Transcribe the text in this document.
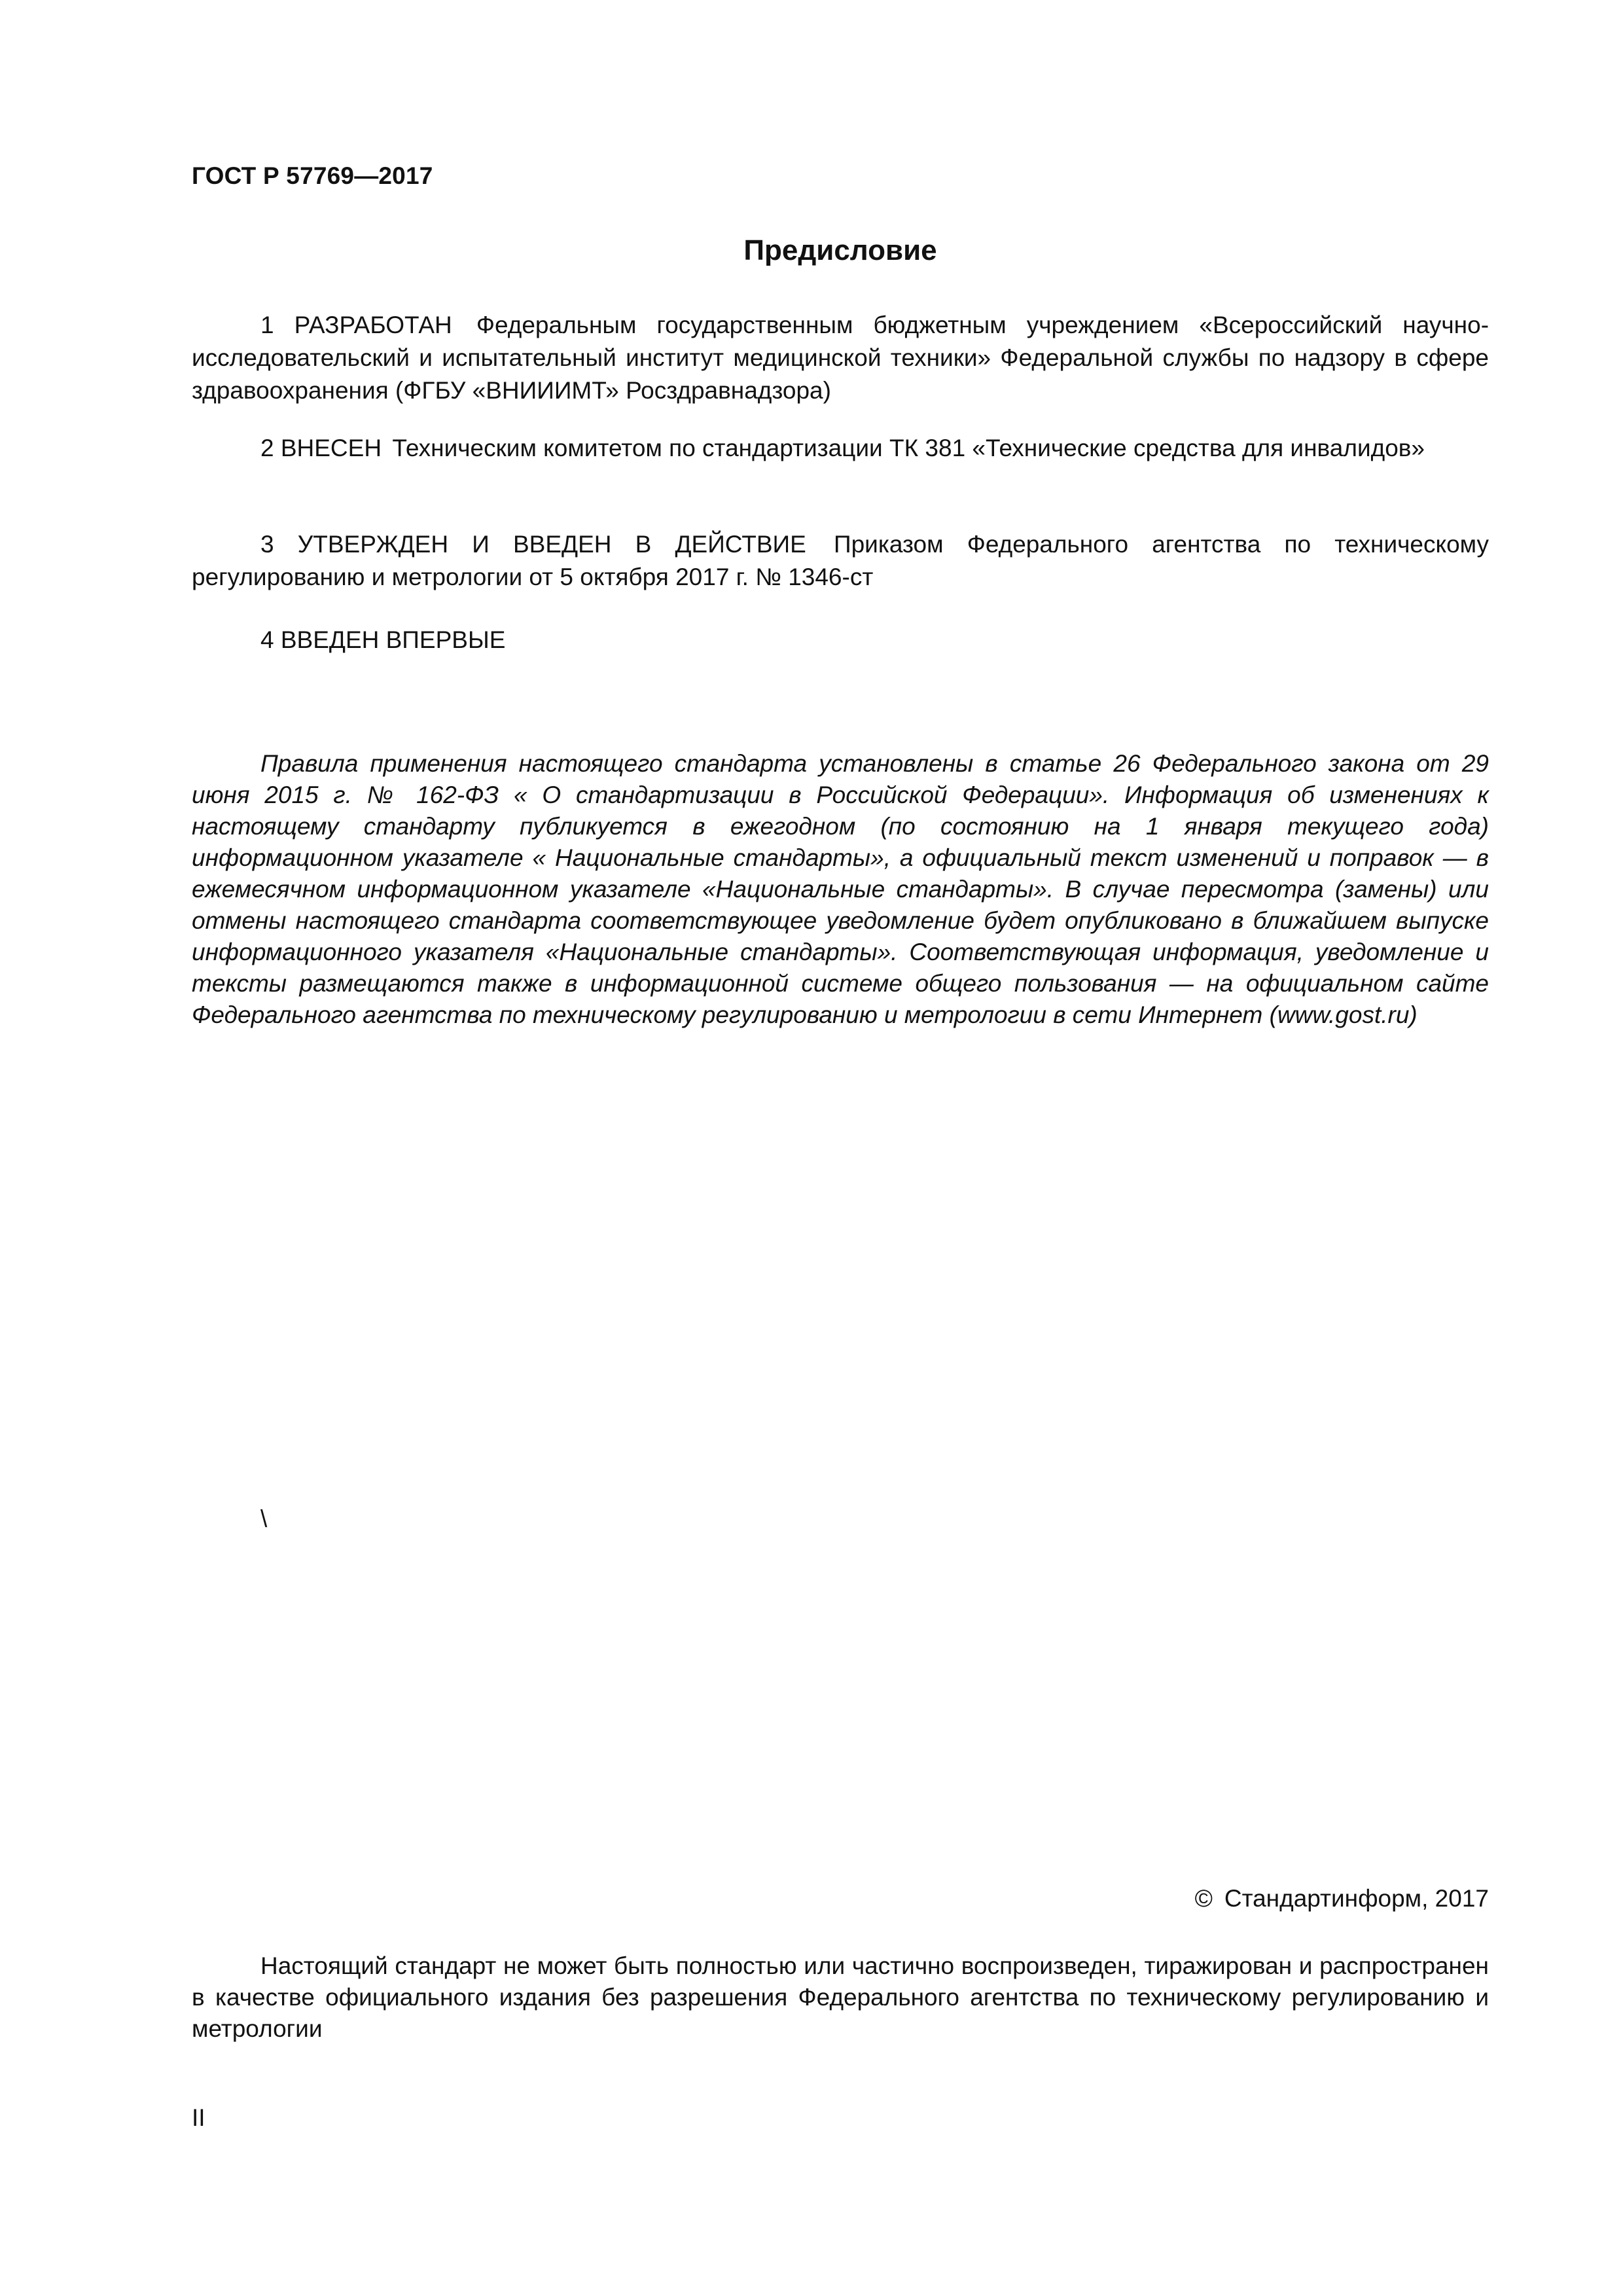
ГОСТ Р 57769—2017
Предисловие

1 РАЗРАБОТАН Федеральным государственным бюджетным учреждением «Всероссийский научно-исследовательский и испытательный институт медицинской техники» Федеральной службы по надзору в сфере здравоохранения (ФГБУ «ВНИИИМТ» Росздравнадзора)

2 ВНЕСЕН Техническим комитетом по стандартизации ТК 381 «Технические средства для инвалидов»

3 УТВЕРЖДЕН И ВВЕДЕН В ДЕЙСТВИЕ Приказом Федерального агентства по техническому регулированию и метрологии от 5 октября 2017 г. № 1346-ст

4 ВВЕДЕН ВПЕРВЫЕ

Правила применения настоящего стандарта установлены в статье 26 Федерального закона от 29 июня 2015 г. № 162-ФЗ « О стандартизации в Российской Федерации». Информация об изменениях к настоящему стандарту публикуется в ежегодном (по состоянию на 1 января текущего года) информационном указателе « Национальные стандарты», а официальный текст изменений и поправок — в ежемесячном информационном указателе «Национальные стандарты». В случае пересмотра (замены) или отмены настоящего стандарта соответствующее уведомление будет опубликовано в ближайшем выпуске информационного указателя «Национальные стандарты». Соответствующая информация, уведомление и тексты размещаются также в информационной системе общего пользования — на официальном сайте Федерального агентства по техническому регулированию и метрологии в сети Интернет (www.gost.ru)

\
© Стандартинформ, 2017

Настоящий стандарт не может быть полностью или частично воспроизведен, тиражирован и распространен в качестве официального издания без разрешения Федерального агентства по техническому регулированию и метрологии

II
